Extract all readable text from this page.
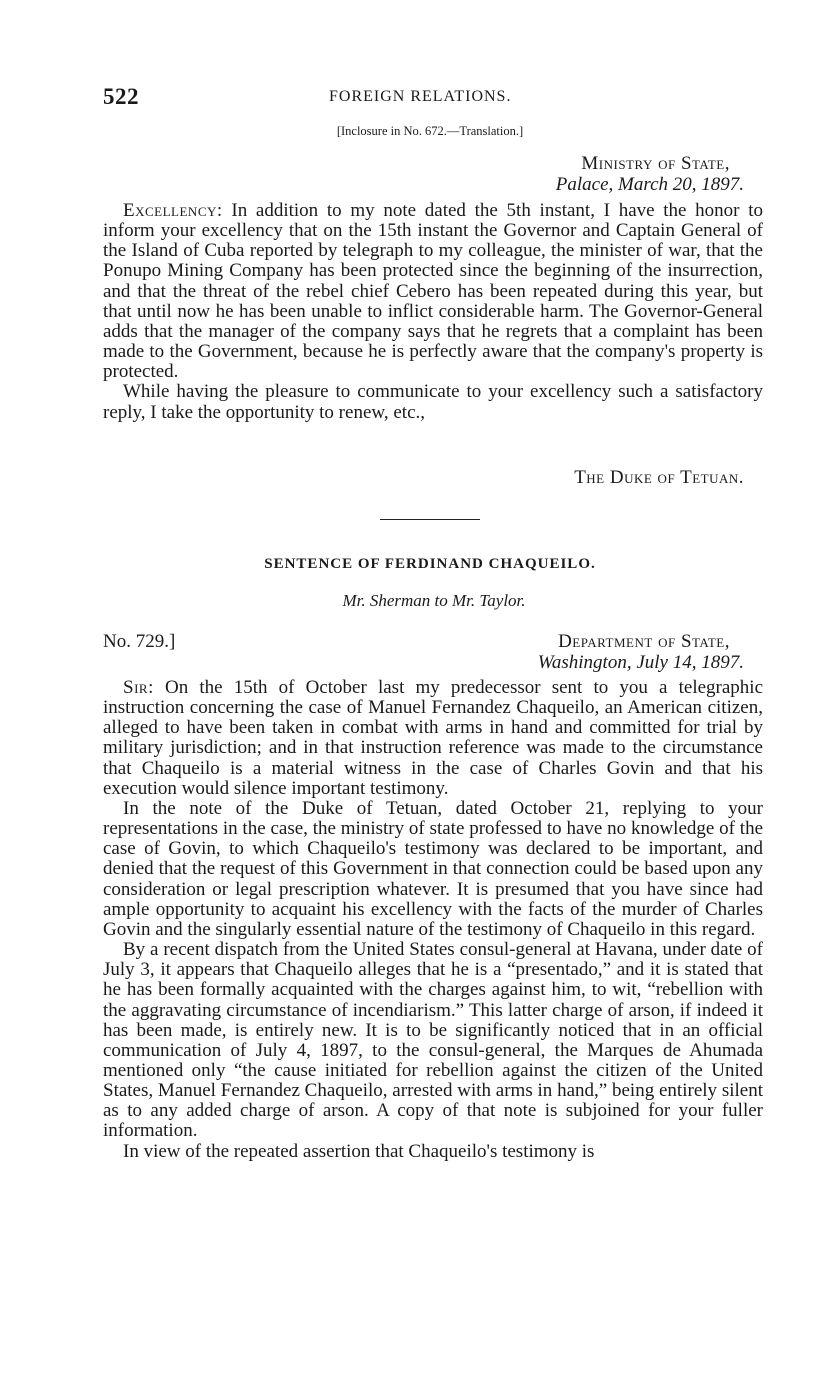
522	FOREIGN RELATIONS.
[Inclosure in No. 672.—Translation.]
Ministry of State,
Palace, March 20, 1897.

Excellency: In addition to my note dated the 5th instant, I have the honor to inform your excellency that on the 15th instant the Governor and Captain General of the Island of Cuba reported by telegraph to my colleague, the minister of war, that the Ponupo Mining Company has been protected since the beginning of the insurrection, and that the threat of the rebel chief Cebero has been repeated during this year, but that until now he has been unable to inflict considerable harm. The Governor-General adds that the manager of the company says that he regrets that a complaint has been made to the Government, because he is perfectly aware that the company's property is protected.

While having the pleasure to communicate to your excellency such a satisfactory reply, I take the opportunity to renew, etc.,

The Duke of Tetuan.
SENTENCE OF FERDINAND CHAQUEILO.
Mr. Sherman to Mr. Taylor.
No. 729.]	Department of State,
Washington, July 14, 1897.

Sir: On the 15th of October last my predecessor sent to you a telegraphic instruction concerning the case of Manuel Fernandez Chaqueilo, an American citizen, alleged to have been taken in combat with arms in hand and committed for trial by military jurisdiction; and in that instruction reference was made to the circumstance that Chaqueilo is a material witness in the case of Charles Govin and that his execution would silence important testimony.

In the note of the Duke of Tetuan, dated October 21, replying to your representations in the case, the ministry of state professed to have no knowledge of the case of Govin, to which Chaqueilo's testimony was declared to be important, and denied that the request of this Government in that connection could be based upon any consideration or legal prescription whatever. It is presumed that you have since had ample opportunity to acquaint his excellency with the facts of the murder of Charles Govin and the singularly essential nature of the testimony of Chaqueilo in this regard.

By a recent dispatch from the United States consul-general at Havana, under date of July 3, it appears that Chaqueilo alleges that he is a “presentado,” and it is stated that he has been formally acquainted with the charges against him, to wit, “rebellion with the aggravating circumstance of incendiarism.” This latter charge of arson, if indeed it has been made, is entirely new. It is to be significantly noticed that in an official communication of July 4, 1897, to the consul-general, the Marques de Ahumada mentioned only “the cause initiated for rebellion against the citizen of the United States, Manuel Fernandez Chaqueilo, arrested with arms in hand,” being entirely silent as to any added charge of arson. A copy of that note is subjoined for your fuller information.

In view of the repeated assertion that Chaqueilo's testimony is
